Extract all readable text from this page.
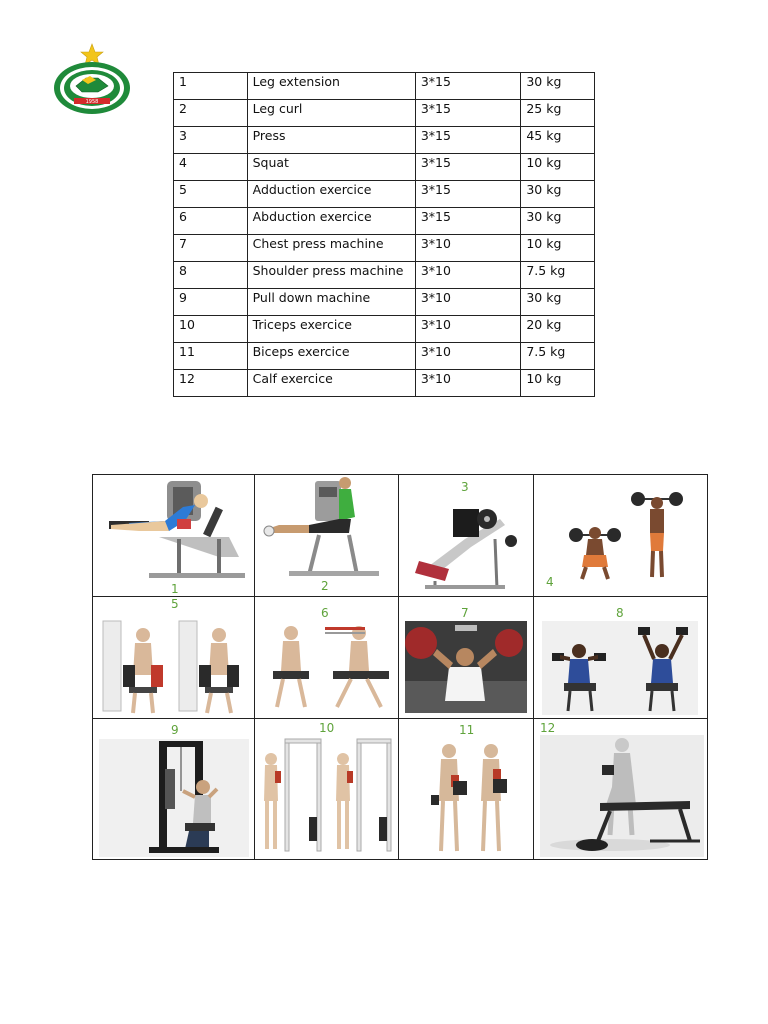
1958
1	Leg extension	3*15	30 kg
2	Leg curl	3*15	25 kg
3	Press	3*15	45 kg
4	Squat	3*15	10 kg
5	Adduction exercice	3*15	30 kg
6	Abduction exercice	3*15	30 kg
7	Chest press machine	3*10	10 kg
8	Shoulder press machine	3*10	7.5 kg
9	Pull down machine	3*10	30 kg
10	Triceps exercice	3*10	20 kg
11	Biceps exercice	3*10	7.5 kg
12	Calf exercice	3*10	10 kg
1	2
3
4
5
6	7	8
9	10	11	12
